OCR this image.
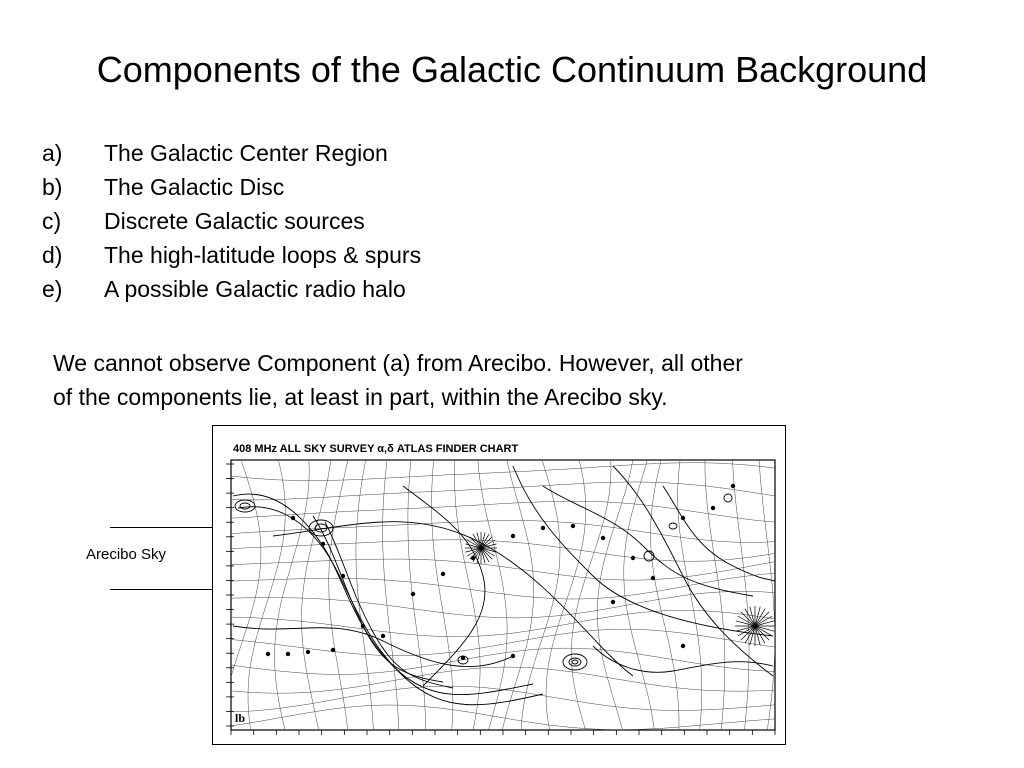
Components of the Galactic Continuum Background
a) The Galactic Center Region
b) The Galactic Disc
c) Discrete Galactic sources
d) The high-latitude loops & spurs
e) A possible Galactic radio halo
We cannot observe Component (a) from Arecibo. However, all other
of the components lie, at least in part, within the Arecibo sky.
408 MHz ALL SKY SURVEY α,δ ATLAS FINDER CHART
lb
Arecibo Sky
